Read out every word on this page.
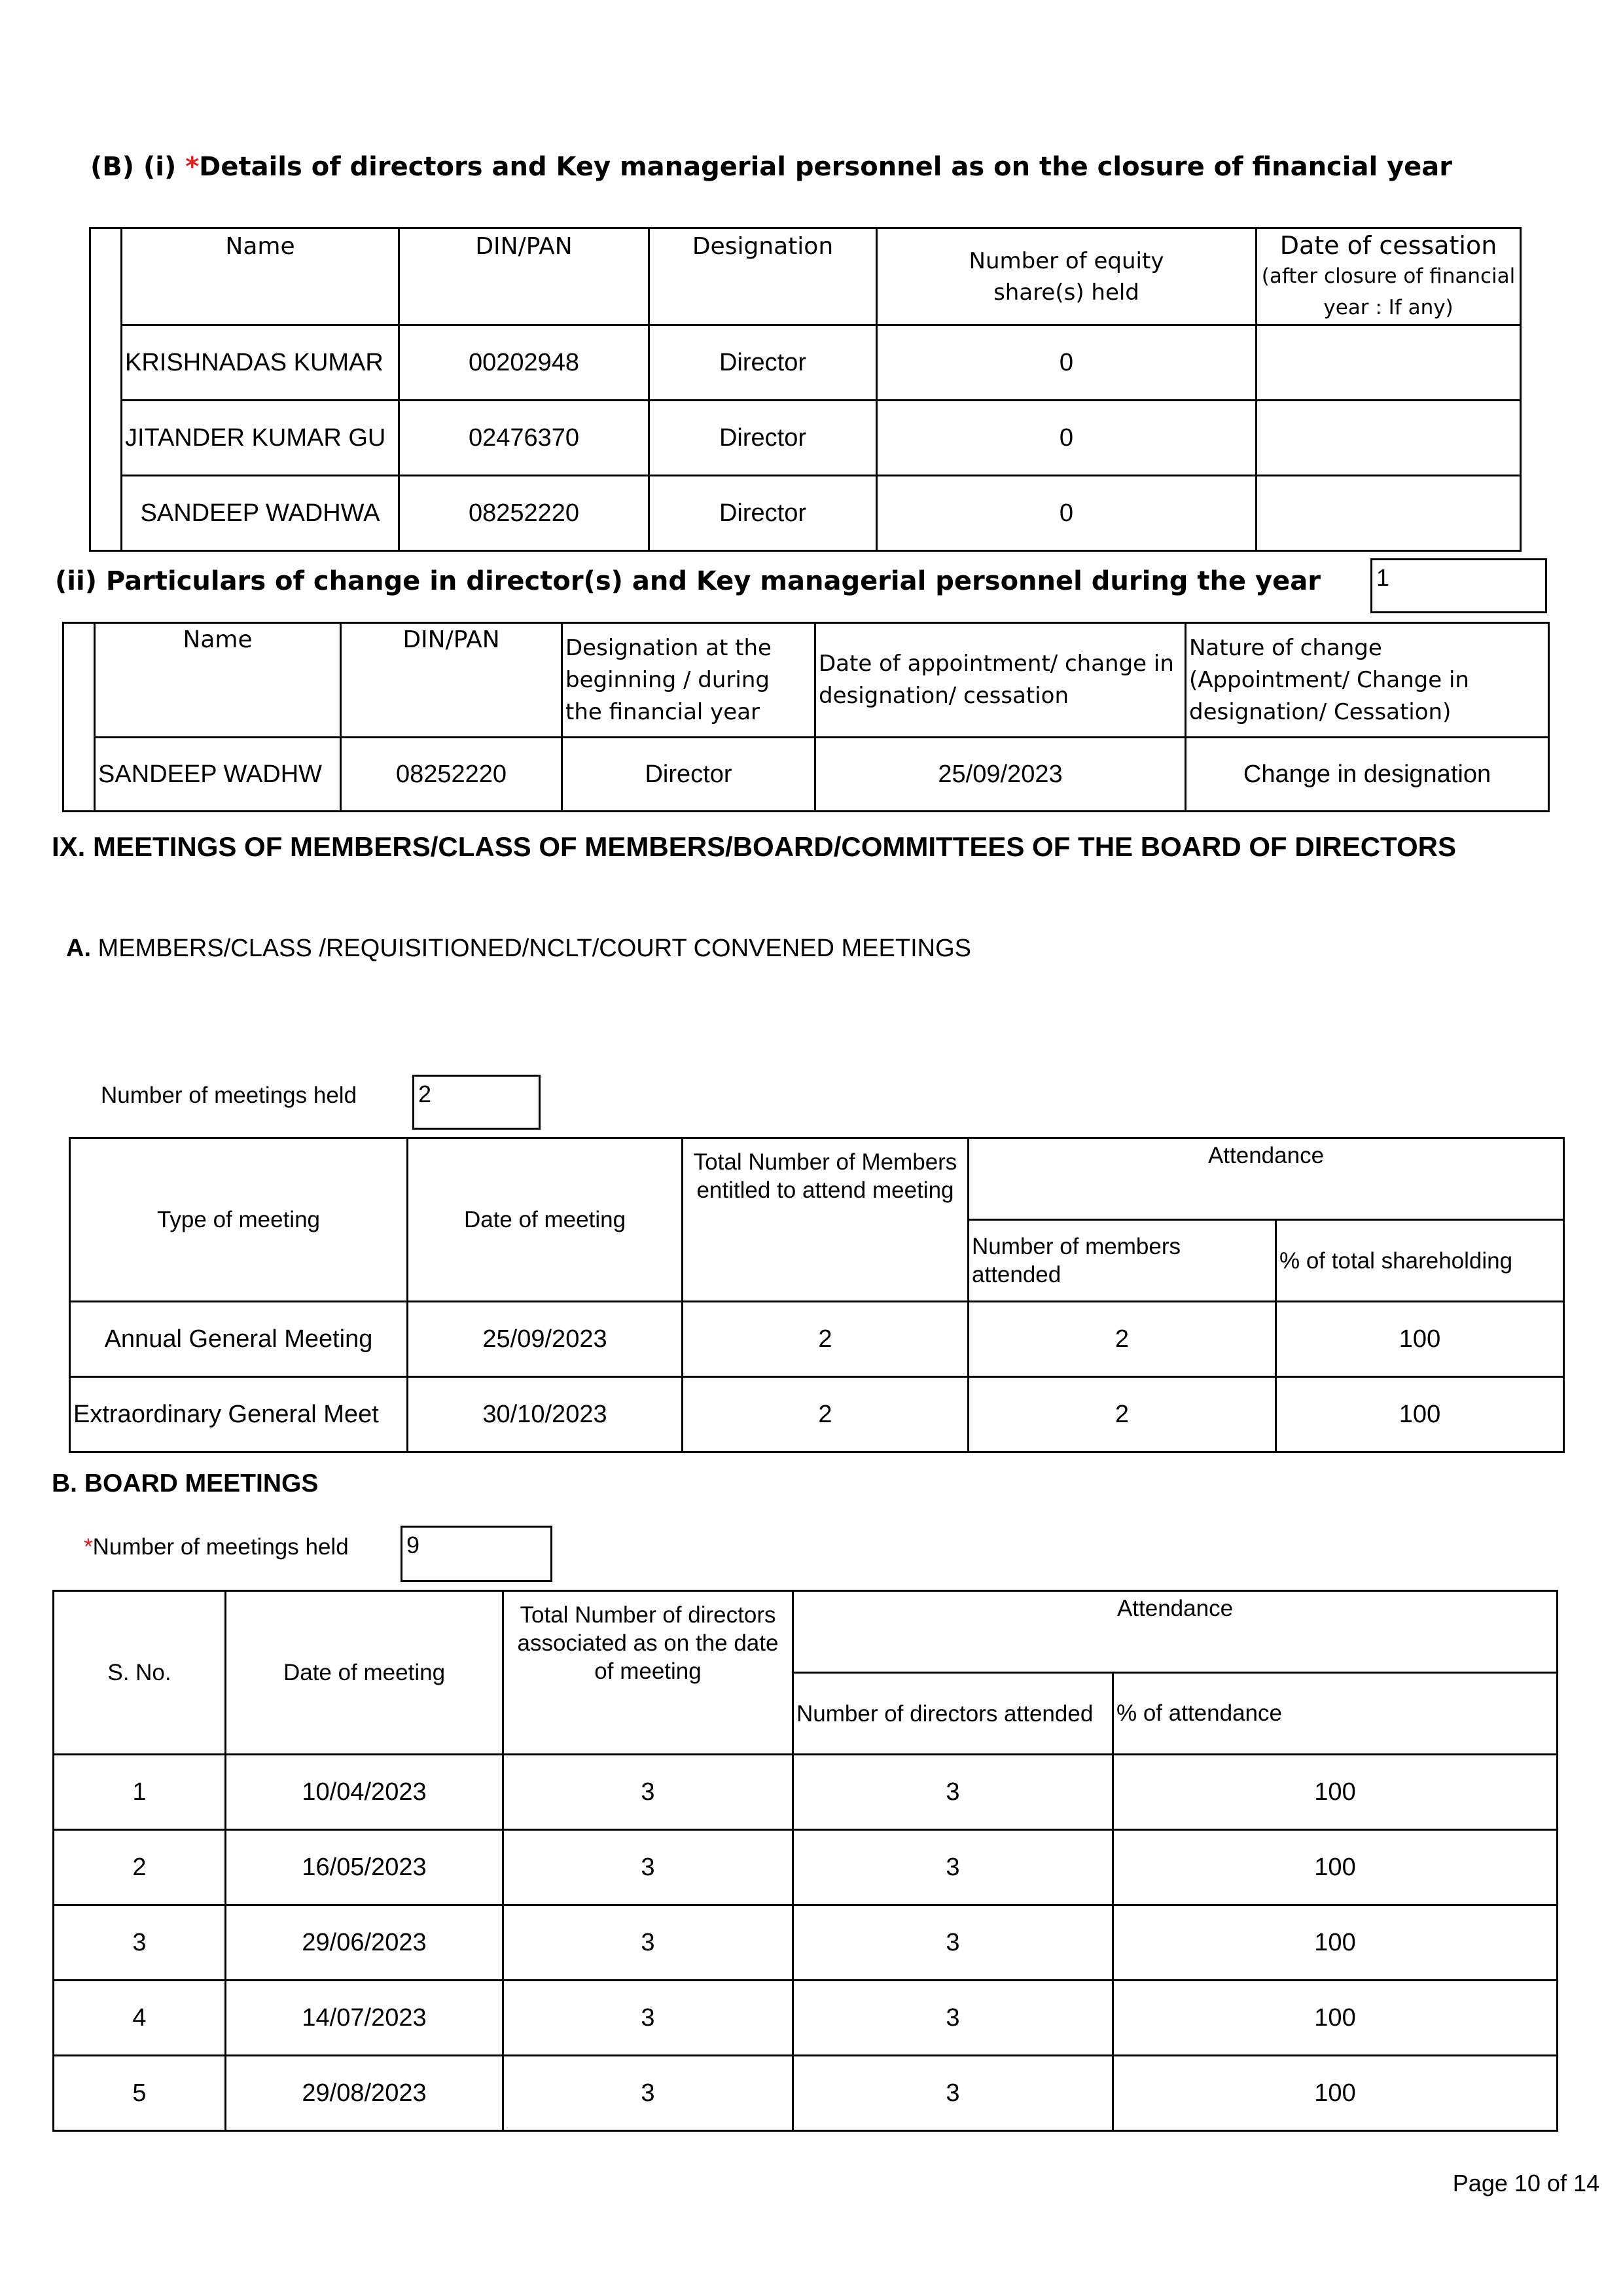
(B) (i) *Details of directors and Key managerial personnel as on the closure of financial year
	Name	DIN/PAN	Designation	Number of equity share(s) held	Date of cessation
(after closure of financial year : If any)

	KRISHNADAS KUMAR	00202948	Director	0	
	JITANDER KUMAR GU	02476370	Director	0	
	SANDEEP WADHWA	08252220	Director	0	
(ii) Particulars of change in director(s) and Key managerial personnel during the year 1
	Name	DIN/PAN	Designation at the beginning / during the financial year	Date of appointment/ change in designation/ cessation	Nature of change (Appointment/ Change in designation/ Cessation)
	SANDEEP WADHW	08252220	Director	25/09/2023	Change in designation
IX. MEETINGS OF MEMBERS/CLASS OF MEMBERS/BOARD/COMMITTEES OF THE BOARD OF DIRECTORS
A. MEMBERS/CLASS /REQUISITIONED/NCLT/COURT CONVENED MEETINGS
Number of meetings held	2
Type of meeting	Date of meeting	Total Number of Members entitled to attend meeting	Attendance	
			Number of members attended	% of total shareholding
Annual General Meeting	25/09/2023	2	2	100
Extraordinary General Meet	30/10/2023	2	2	100
B. BOARD MEETINGS
*Number of meetings held 9
S. No.	Date of meeting	Total Number of directors associated as on the date of meeting	Attendance	
			Number of directors attended	% of attendance
1	10/04/2023	3	3	100
2	16/05/2023	3	3	100
3	29/06/2023	3	3	100
4	14/07/2023	3	3	100
5	29/08/2023	3	3	100
Page 10 of 14
